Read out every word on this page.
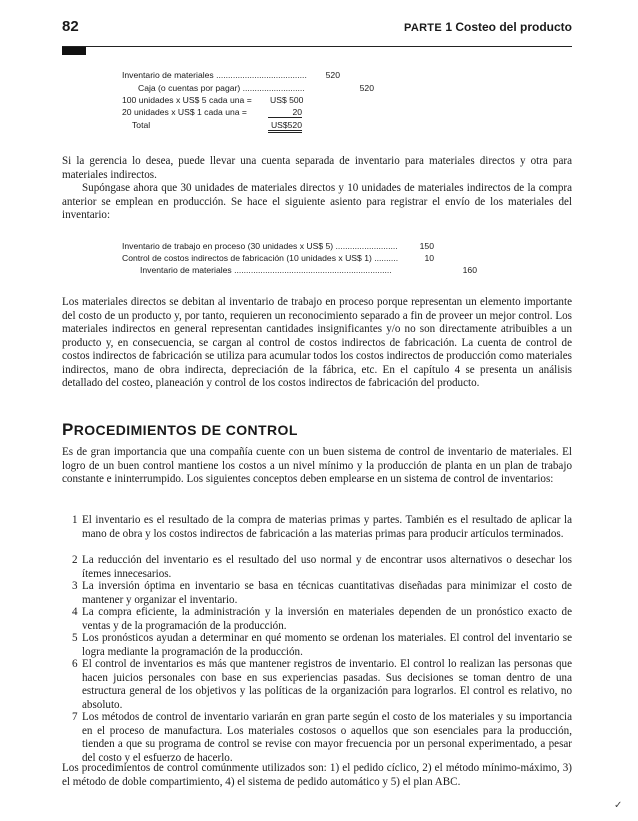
82	PARTE 1 Costeo del producto
Inventario de materiales ......................................	520
Caja (o cuentas por pagar) ..........................	520
100 unidades x US$ 5 cada una = US$ 500
20 unidades x US$ 1 cada una =	20
Total	US$520

Si la gerencia lo desea, puede llevar una cuenta separada de inventario para materiales directos y otra para materiales indirectos.

Supóngase ahora que 30 unidades de materiales directos y 10 unidades de materiales indirectos de la compra anterior se emplean en producción. Se hace el siguiente asiento para registrar el envío de los materiales del inventario:

Inventario de trabajo en proceso (30 unidades x US$ 5) ..........................	150
Control de costos indirectos de fabricación (10 unidades x US$ 1) ..........	10
Inventario de materiales ..................................................................	160

Los materiales directos se debitan al inventario de trabajo en proceso porque representan un elemento importante del costo de un producto y, por tanto, requieren un reconocimiento separado a fin de proveer un mejor control. Los materiales indirectos en general representan cantidades insignificantes y/o no son directamente atribuibles a un producto y, en consecuencia, se cargan al control de costos indirectos de fabricación. La cuenta de control de costos indirectos de fabricación se utiliza para acumular todos los costos indirectos de producción como materiales indirectos, mano de obra indirecta, depreciación de la fábrica, etc. En el capítulo 4 se presenta un análisis detallado del costeo, planeación y control de los costos indirectos de fabricación del producto.

PROCEDIMIENTOS DE CONTROL

Es de gran importancia que una compañía cuente con un buen sistema de control de inventario de materiales. El logro de un buen control mantiene los costos a un nivel mínimo y la producción de planta en un plan de trabajo constante e ininterrumpido. Los siguientes conceptos deben emplearse en un sistema de control de inventarios:

1 El inventario es el resultado de la compra de materias primas y partes. También es el resultado de aplicar la mano de obra y los costos indirectos de fabricación a las materias primas para producir artículos terminados.
2 La reducción del inventario es el resultado del uso normal y de encontrar usos alternativos o desechar los ítemes innecesarios.
3 La inversión óptima en inventario se basa en técnicas cuantitativas diseñadas para minimizar el costo de mantener y organizar el inventario.
4 La compra eficiente, la administración y la inversión en materiales dependen de un pronóstico exacto de ventas y de la programación de la producción.
5 Los pronósticos ayudan a determinar en qué momento se ordenan los materiales. El control del inventario se logra mediante la programación de la producción.
6 El control de inventarios es más que mantener registros de inventario. El control lo realizan las personas que hacen juicios personales con base en sus experiencias pasadas. Sus decisiones se toman dentro de una estructura general de los objetivos y las políticas de la organización para lograrlos. El control es relativo, no absoluto.
7 Los métodos de control de inventario variarán en gran parte según el costo de los materiales y su importancia en el proceso de manufactura. Los materiales costosos o aquellos que son esenciales para la producción, tienden a que su programa de control se revise con mayor frecuencia por un personal experimentado, a pesar del costo y el esfuerzo de hacerlo.

Los procedimientos de control comúnmente utilizados son: 1) el pedido cíclico, 2) el método mínimo-máximo, 3) el método de doble compartimiento, 4) el sistema de pedido automático y 5) el plan ABC.

✓
